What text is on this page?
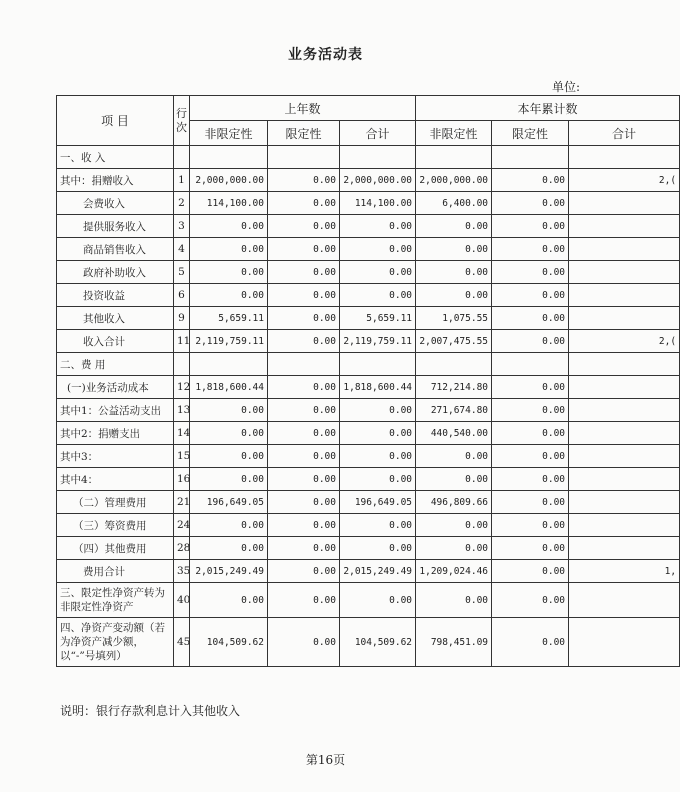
业务活动表
单位:
项 目	行次	上年数			本年累计数		
		非限定性	限定性	合计	非限定性	限定性	合计
一、收 入							
其中：捐赠收入	1	2,000,000.00	0.00	2,000,000.00	2,000,000.00	0.00	2,(
会费收入	2	114,100.00	0.00	114,100.00	6,400.00	0.00	
提供服务收入	3	0.00	0.00	0.00	0.00	0.00	
商品销售收入	4	0.00	0.00	0.00	0.00	0.00	
政府补助收入	5	0.00	0.00	0.00	0.00	0.00	
投资收益	6	0.00	0.00	0.00	0.00	0.00	
其他收入	9	5,659.11	0.00	5,659.11	1,075.55	0.00	
收入合计	11	2,119,759.11	0.00	2,119,759.11	2,007,475.55	0.00	2,(
二、费 用							
(一)业务活动成本	12	1,818,600.44	0.00	1,818,600.44	712,214.80	0.00	
其中1：公益活动支出	13	0.00	0.00	0.00	271,674.80	0.00	
其中2：捐赠支出	14	0.00	0.00	0.00	440,540.00	0.00	
其中3：	15	0.00	0.00	0.00	0.00	0.00	
其中4：	16	0.00	0.00	0.00	0.00	0.00	
（二）管理费用	21	196,649.05	0.00	196,649.05	496,809.66	0.00	
（三）筹资费用	24	0.00	0.00	0.00	0.00	0.00	
（四）其他费用	28	0.00	0.00	0.00	0.00	0.00	
费用合计	35	2,015,249.49	0.00	2,015,249.49	1,209,024.46	0.00	1,
三、限定性净资产转为非限定性净资产	40	0.00	0.00	0.00	0.00	0.00	
四、净资产变动额（若为净资产减少额，以“-”号填列）	45	104,509.62	0.00	104,509.62	798,451.09	0.00	
说明：银行存款利息计入其他收入
第16页
